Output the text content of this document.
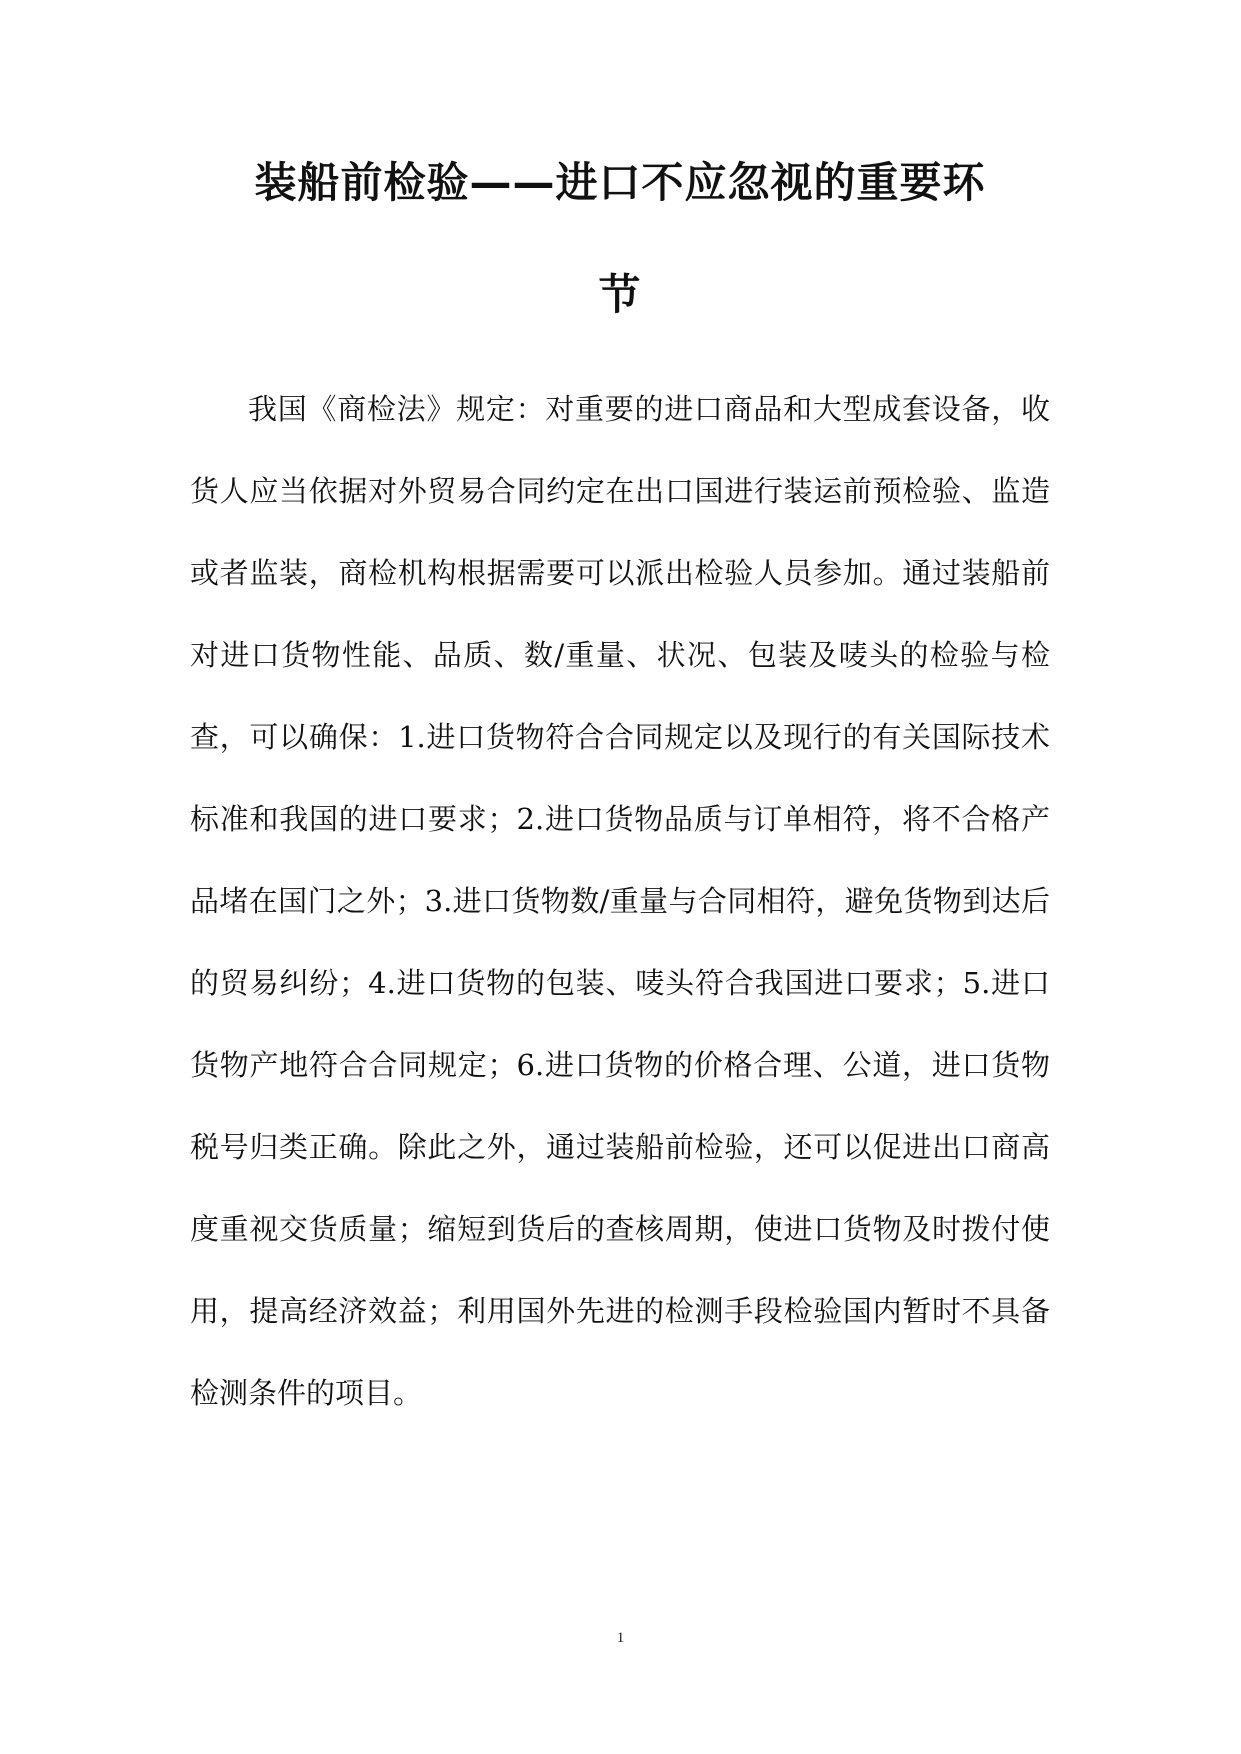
装船前检验——进口不应忽视的重要环
节

我国《商检法》规定：对重要的进口商品和大型成套设备，收货人应当依据对外贸易合同约定在出口国进行装运前预检验、监造或者监装，商检机构根据需要可以派出检验人员参加。通过装船前对进口货物性能、品质、数/重量、状况、包装及唛头的检验与检查，可以确保：1.进口货物符合合同规定以及现行的有关国际技术标准和我国的进口要求；2.进口货物品质与订单相符，将不合格产品堵在国门之外；3.进口货物数/重量与合同相符，避免货物到达后的贸易纠纷；4.进口货物的包装、唛头符合我国进口要求；5.进口货物产地符合合同规定；6.进口货物的价格合理、公道，进口货物税号归类正确。除此之外，通过装船前检验，还可以促进出口商高度重视交货质量；缩短到货后的查核周期，使进口货物及时拨付使用，提高经济效益；利用国外先进的检测手段检验国内暂时不具备检测条件的项目。

1
